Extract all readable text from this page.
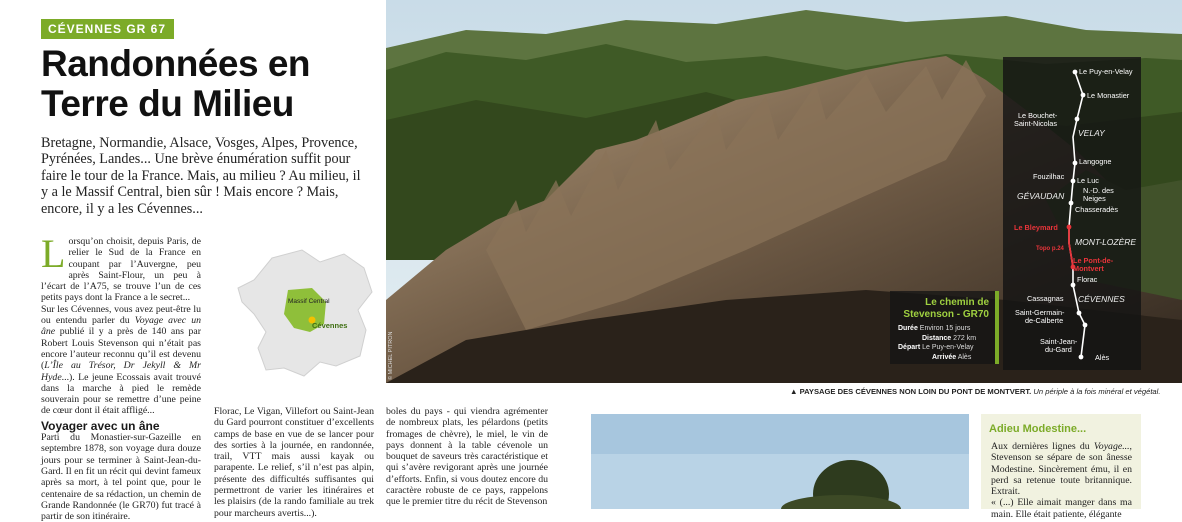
CÉVENNES GR 67
Randonnées en
Terre du Milieu
Bretagne, Normandie, Alsace, Vosges, Alpes, Provence, Pyrénées, Landes... Une brève énumération suffit pour faire le tour de la France. Mais, au milieu ? Au milieu, il y a le Massif Central, bien sûr ! Mais encore ? Mais, encore, il y a les Cévennes...
Massif Central
Cévennes
L orsqu’on choisit, depuis Paris, de relier le Sud de la France en coupant par l’Auvergne, peu après Saint-Flour, un peu à l’écart de l’A75, se trouve l’un de ces petits pays dont la France a le secret...
Sur les Cévennes, vous avez peut-être lu ou entendu parler du Voyage avec un âne publié il y a près de 140 ans par Robert Louis Stevenson qui n’était pas encore l’auteur reconnu qu’il est devenu (L’Île au Trésor, Dr Jekyll & Mr Hyde...). Le jeune Ecossais avait trouvé dans la marche à pied le remède souverain pour se remettre d’une peine de cœur dont il était affligé...
Voyager avec un âne
Parti du Monastier-sur-Gazeille en septembre 1878, son voyage dura douze jours pour se terminer à Saint-Jean-du-Gard. Il en fit un récit qui devint fameux après sa mort, à tel point que, pour le centenaire de sa rédaction, un chemin de Grande Randonnée (le GR70) fut tracé à partir de son itinéraire.
Florac, Le Vigan, Villefort ou Saint-Jean du Gard pourront constituer d’excellents camps de base en vue de se lancer pour des sorties à la journée, en randonnée, trail, VTT mais aussi kayak ou parapente. Le relief, s’il n’est pas alpin, présente des difficultés suffisantes qui permettront de varier les itinéraires et les plaisirs (de la rando familiale au trek pour marcheurs avertis...).
boles du pays - qui viendra agrémenter de nombreux plats, les pélardons (petits fromages de chèvre), le miel, le vin de pays donnent à la table cévenole un bouquet de saveurs très caractéristique et qui s’avère revigorant après une journée d’efforts. Enfin, si vous doutez encore du caractère robuste de ce pays, rappelons que le premier titre du récit de Stevenson
© MICHEL PITRON
Le Puy-en-Velay
Le Monastier
Le Bouchet-
Saint-Nicolas
VELAY
Langogne
Fouzilhac Le Luc
GÉVAUDAN
N.-D. des
Neiges
Chasseradès
Le Bleymard
MONT-LOZÈRE
Topo p.24
Le Pont-de-
Montvert
Florac
Cassagnas CÉVENNES
Saint-Germain-
de-Calberte
Saint-Jean-
du-Gard
Alès
Le chemin de
Stevenson - GR70
Durée Environ 15 jours
Distance 272 km
Départ Le Puy-en-Velay
Arrivée Alès
▲ PAYSAGE DES CÉVENNES NON LOIN DU PONT DE MONTVERT. Un périple à la fois minéral et végétal.
Adieu Modestine...
Aux dernières lignes du Voyage..., Stevenson se sépare de son ânesse Modestine. Sincèrement ému, il en perd sa retenue toute britannique. Extrait.
« (...) Elle aimait manger dans ma main. Elle était patiente, élégante
